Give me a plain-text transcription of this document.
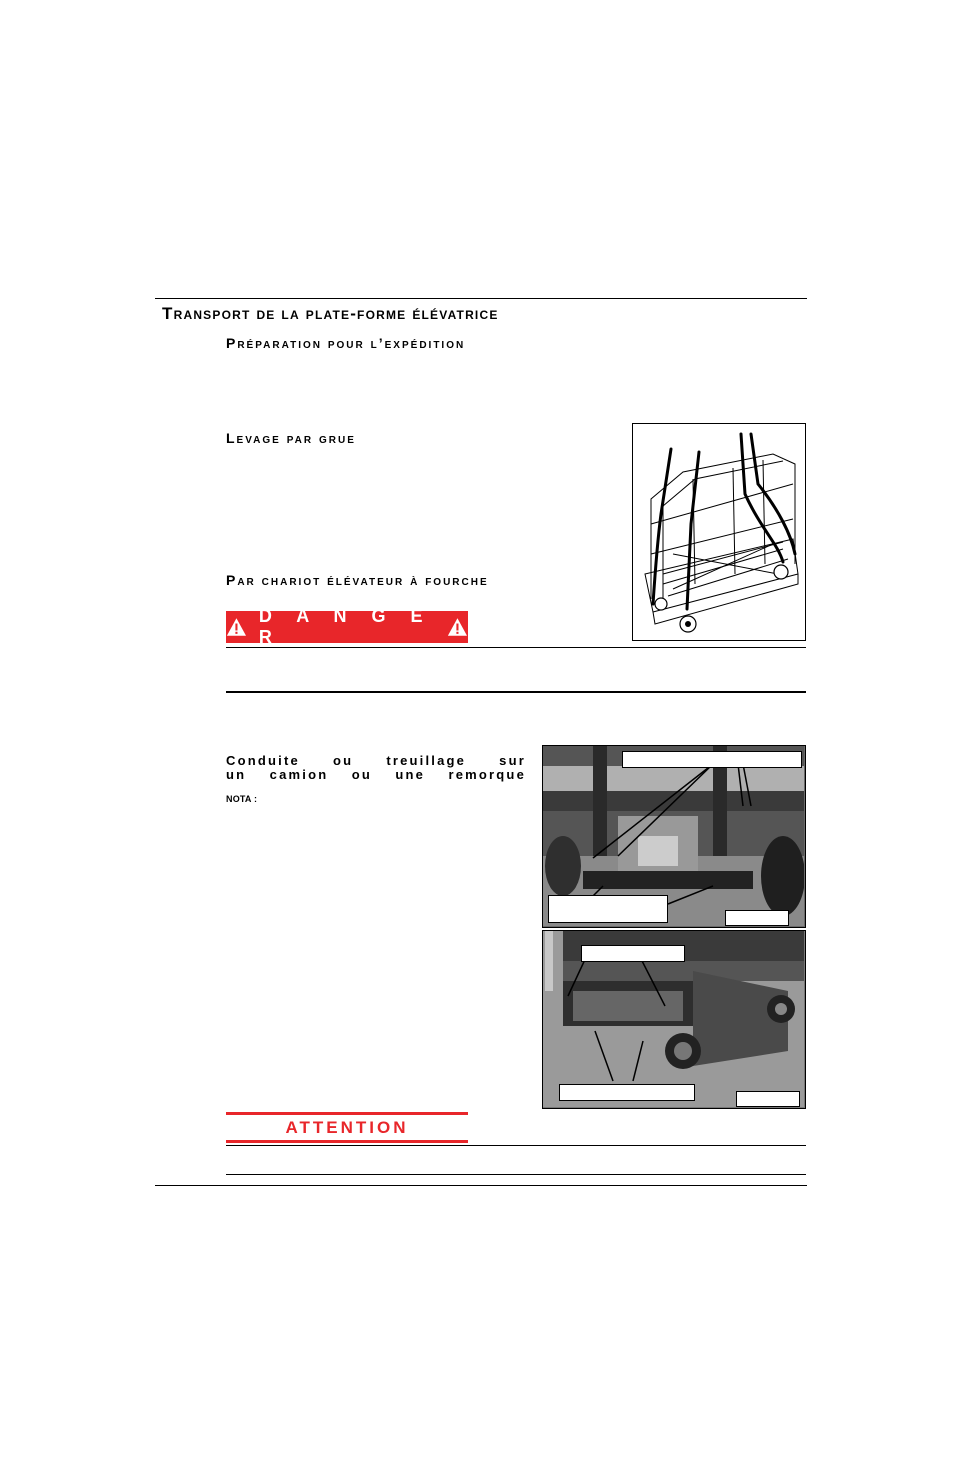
Transport de la plate-forme élévatrice
Préparation pour l’expédition
Levage par grue
Par chariot élévateur à fourche
D A N G E R
Conduite ou treuillage sur
un camion ou une remorque
NOTA :
ATTENTION
